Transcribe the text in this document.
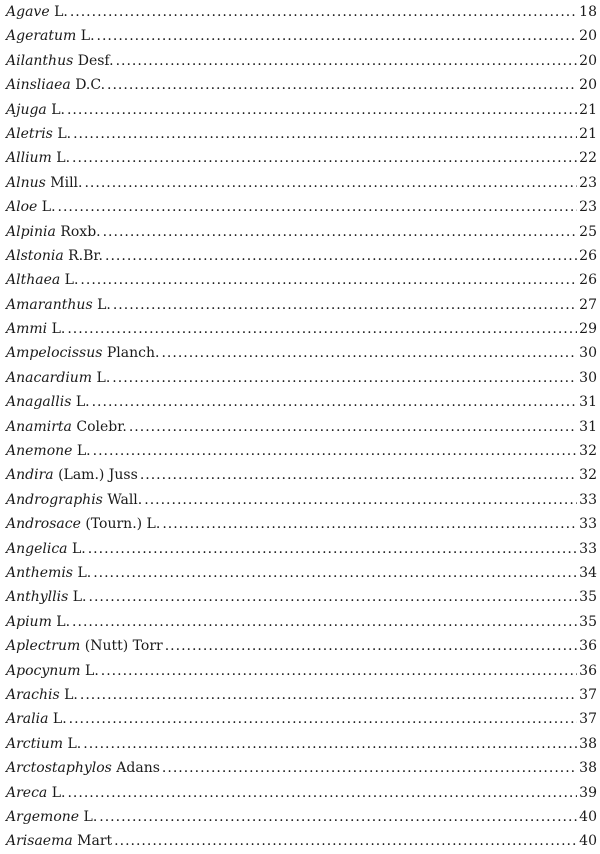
Agave L. .....	18
Ageratum L. .....	20
Ailanthus Desf. .....	20
Ainsliaea D.C. .....	20
Ajuga L. .....	21
Aletris L. .....	21
Allium L. .....	22
Alnus Mill. .....	23
Aloe L. .....	23
Alpinia Roxb. .....	25
Alstonia R.Br. .....	26
Althaea L. .....	26
Amaranthus L. .....	27
Ammi L. .....	29
Ampelocissus Planch. .....	30
Anacardium L. .....	30
Anagallis L. .....	31
Anamirta Colebr. .....	31
Anemone L. .....	32
Andira (Lam.) Juss .....	32
Andrographis Wall. .....	33
Androsace (Tourn.) L. .....	33
Angelica L. .....	33
Anthemis L. .....	34
Anthyllis L. .....	35
Apium L. .....	35
Aplectrum (Nutt) Torr .....	36
Apocynum L. .....	36
Arachis L. .....	37
Aralia L. .....	37
Arctium L. .....	38
Arctostaphylos Adans .....	38
Areca L. .....	39
Argemone L. .....	40
Arisaema Mart .....	40
